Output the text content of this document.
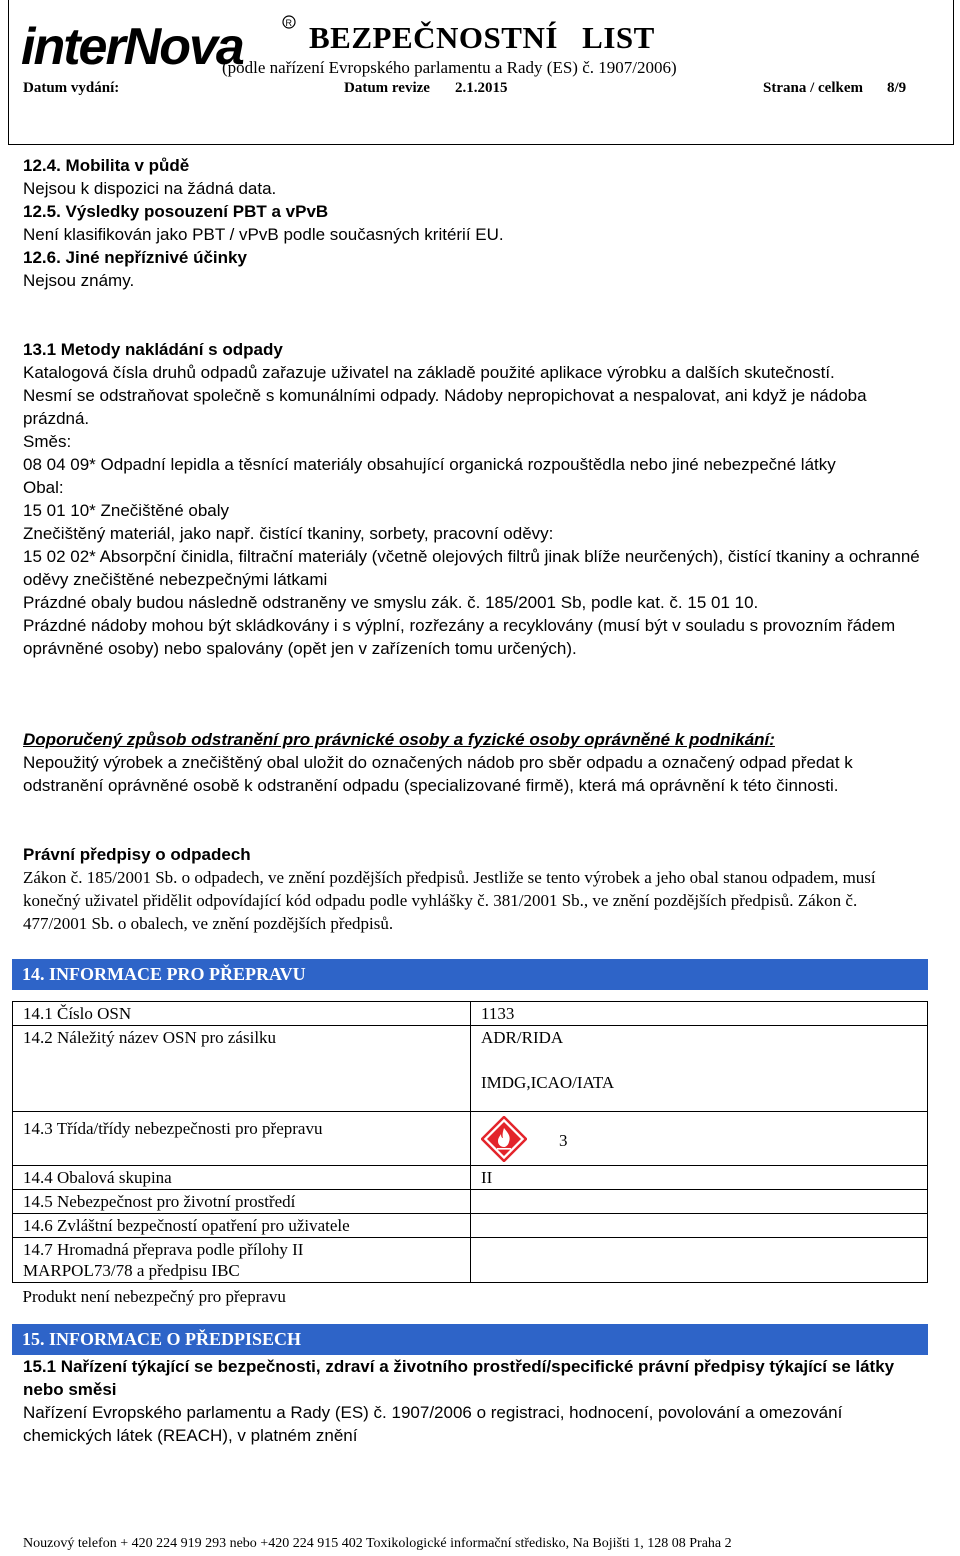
interNova	R BEZPEČNOSTNÍ LIST
(podle nařízení Evropského parlamentu a Rady (ES) č. 1907/2006)
Datum vydání:	Datum revize 2.1.2015	Strana / celkem 8/9
12.4. Mobilita v půdě
Nejsou k dispozici na žádná data.
12.5. Výsledky posouzení PBT a vPvB
Není klasifikován jako PBT / vPvB podle současných kritérií EU.
12.6. Jiné nepříznivé účinky
Nejsou známy.
13.1 Metody nakládání s odpady
Katalogová čísla druhů odpadů zařazuje uživatel na základě použité aplikace výrobku a dalších skutečností.
Nesmí se odstraňovat společně s komunálními odpady. Nádoby nepropichovat a nespalovat, ani když je nádoba prázdná.
Směs:
08 04 09* Odpadní lepidla a těsnící materiály obsahující organická rozpouštědla nebo jiné nebezpečné látky
Obal:
15 01 10* Znečištěné obaly
Znečištěný materiál, jako např. čistící tkaniny, sorbety, pracovní oděvy:
15 02 02* Absorpční činidla, filtrační materiály (včetně olejových filtrů jinak blíže neurčených), čistící tkaniny a ochranné oděvy znečištěné nebezpečnými látkami
Prázdné obaly budou následně odstraněny ve smyslu zák. č. 185/2001 Sb, podle kat. č. 15 01 10.
Prázdné nádoby mohou být skládkovány i s výplní, rozřezány a recyklovány (musí být v souladu s provozním řádem oprávněné osoby) nebo spalovány (opět jen v zařízeních tomu určených).
Doporučený způsob odstranění pro právnické osoby a fyzické osoby oprávněné k podnikání:
Nepoužitý výrobek a znečištěný obal uložit do označených nádob pro sběr odpadu a označený odpad předat k odstranění oprávněné osobě k odstranění odpadu (specializované firmě), která má oprávnění k této činnosti.
Právní předpisy o odpadech
Zákon č. 185/2001 Sb. o odpadech, ve znění pozdějších předpisů. Jestliže se tento výrobek a jeho obal stanou odpadem, musí konečný uživatel přidělit odpovídající kód odpadu podle vyhlášky č. 381/2001 Sb., ve znění pozdějších předpisů. Zákon č. 477/2001 Sb. o obalech, ve znění pozdějších předpisů.
14. INFORMACE PRO PŘEPRAVU
14.1 Číslo OSN	1133
14.2 Náležitý název OSN pro zásilku	ADR/RIDA
IMDG,ICAO/IATA

14.3 Třída/třídy nebezpečnosti pro přepravu	3

14.4 Obalová skupina	II
14.5 Nebezpečnost pro životní prostředí	
14.6 Zvláštní bezpečností opatření pro uživatele	

14.7 Hromadná přeprava podle přílohy II
MARPOL73/78 a předpisu IBC	

Produkt není nebezpečný pro přepravu	
15. INFORMACE O PŘEDPISECH
15.1 Nařízení týkající se bezpečnosti, zdraví a životního prostředí/specifické právní předpisy týkající se látky nebo směsi
Nařízení Evropského parlamentu a Rady (ES) č. 1907/2006 o registraci, hodnocení, povolování a omezování chemických látek (REACH), v platném znění
Nouzový telefon + 420 224 919 293 nebo +420 224 915 402 Toxikologické informační středisko, Na Bojišti 1, 128 08 Praha 2
